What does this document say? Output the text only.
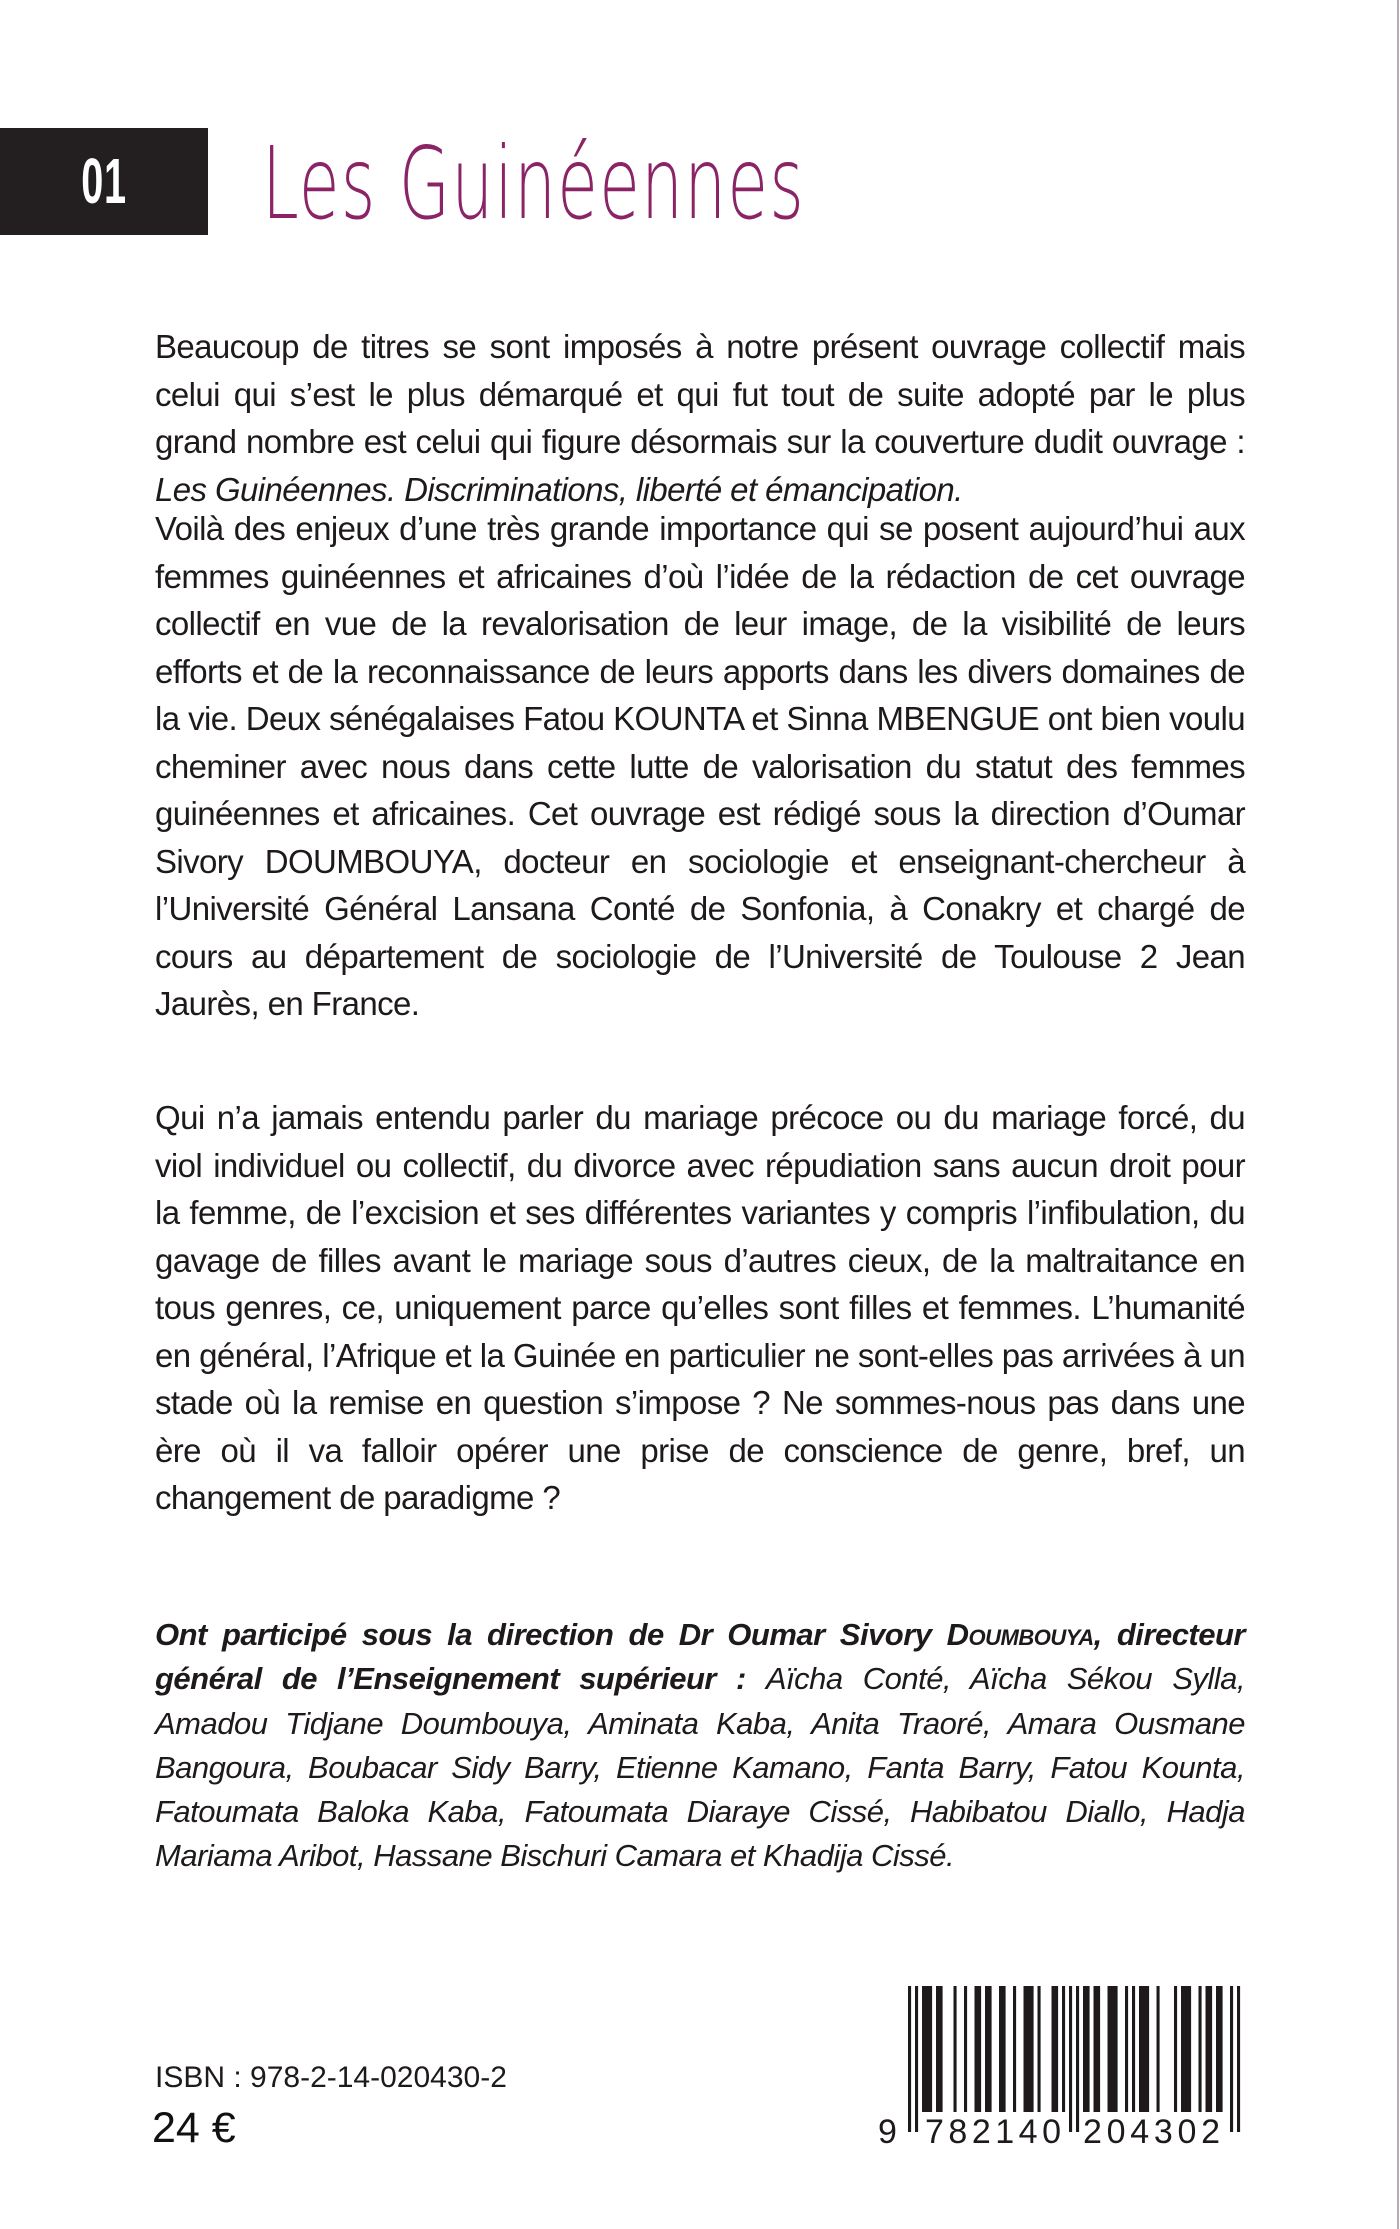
01	Les Guinéennes

Beaucoup de titres se sont imposés à notre présent ouvrage collectif mais celui qui s’est le plus démarqué et qui fut tout de suite adopté par le plus grand nombre est celui qui figure désormais sur la couverture dudit ouvrage : Les Guinéennes. Discriminations, liberté et émancipation.

Voilà des enjeux d’une très grande importance qui se posent aujourd’hui aux femmes guinéennes et africaines d’où l’idée de la rédaction de cet ouvrage collectif en vue de la revalorisation de leur image, de la visibilité de leurs efforts et de la reconnaissance de leurs apports dans les divers domaines de la vie. Deux sénégalaises Fatou KOUNTA et Sinna MBENGUE ont bien voulu cheminer avec nous dans cette lutte de valorisation du statut des femmes guinéennes et africaines. Cet ouvrage est rédigé sous la direction d’Oumar Sivory DOUMBOUYA, docteur en sociologie et enseignant-chercheur à l’Université Général Lansana Conté de Sonfonia, à Conakry et chargé de cours au département de sociologie de l’Université de Toulouse 2 Jean Jaurès, en France.

Qui n’a jamais entendu parler du mariage précoce ou du mariage forcé, du viol individuel ou collectif, du divorce avec répudiation sans aucun droit pour la femme, de l’excision et ses différentes variantes y compris l’infibulation, du gavage de filles avant le mariage sous d’autres cieux, de la maltraitance en tous genres, ce, uniquement parce qu’elles sont filles et femmes. L’humanité en général, l’Afrique et la Guinée en particulier ne sont-elles pas arrivées à un stade où la remise en question s’impose ? Ne sommes-nous pas dans une ère où il va falloir opérer une prise de conscience de genre, bref, un changement de paradigme ?

Ont participé sous la direction de Dr Oumar Sivory Doumbouya, directeur général de l’Enseignement supérieur : Aïcha Conté, Aïcha Sékou Sylla, Amadou Tidjane Doumbouya, Aminata Kaba, Anita Traoré, Amara Ousmane Bangoura, Boubacar Sidy Barry, Etienne Kamano, Fanta Barry, Fatou Kounta, Fatoumata Baloka Kaba, Fatoumata Diaraye Cissé, Habibatou Diallo, Hadja Mariama Aribot, Hassane Bischuri Camara et Khadija Cissé.

ISBN : 978-2-14-020430-2
24 €	9 782140 204302
